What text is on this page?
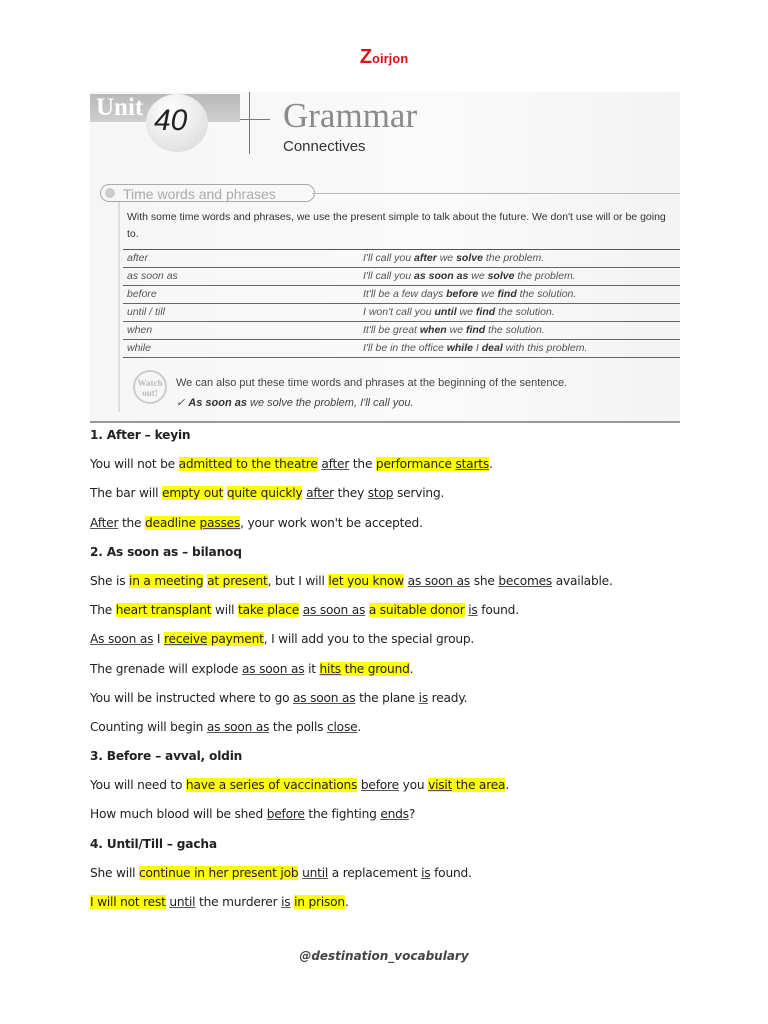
Zoirjon
Unit 40	Grammar
Connectives
Time words and phrases
With some time words and phrases, we use the present simple to talk about the future. We don't use will or be going to.
after	I'll call you after we solve the problem.
as soon as	I'll call you as soon as we solve the problem.
before	It'll be a few days before we find the solution.
until / till	I won't call you until we find the solution.
when	It'll be great when we find the solution.
while	I'll be in the office while I deal with this problem.
Watch out!
We can also put these time words and phrases at the beginning of the sentence.
✓ As soon as we solve the problem, I'll call you.
1. After – keyin
You will not be admitted to the theatre after the performance starts.
The bar will empty out quite quickly after they stop serving.
After the deadline passes, your work won't be accepted.
2. As soon as – bilanoq
She is in a meeting at present, but I will let you know as soon as she becomes available.
The heart transplant will take place as soon as a suitable donor is found.
As soon as I receive payment, I will add you to the special group.
The grenade will explode as soon as it hits the ground.
You will be instructed where to go as soon as the plane is ready.
Counting will begin as soon as the polls close.
3. Before – avval, oldin
You will need to have a series of vaccinations before you visit the area.
How much blood will be shed before the fighting ends?
4. Until/Till – gacha
She will continue in her present job until a replacement is found.
I will not rest until the murderer is in prison.
@destination_vocabulary
